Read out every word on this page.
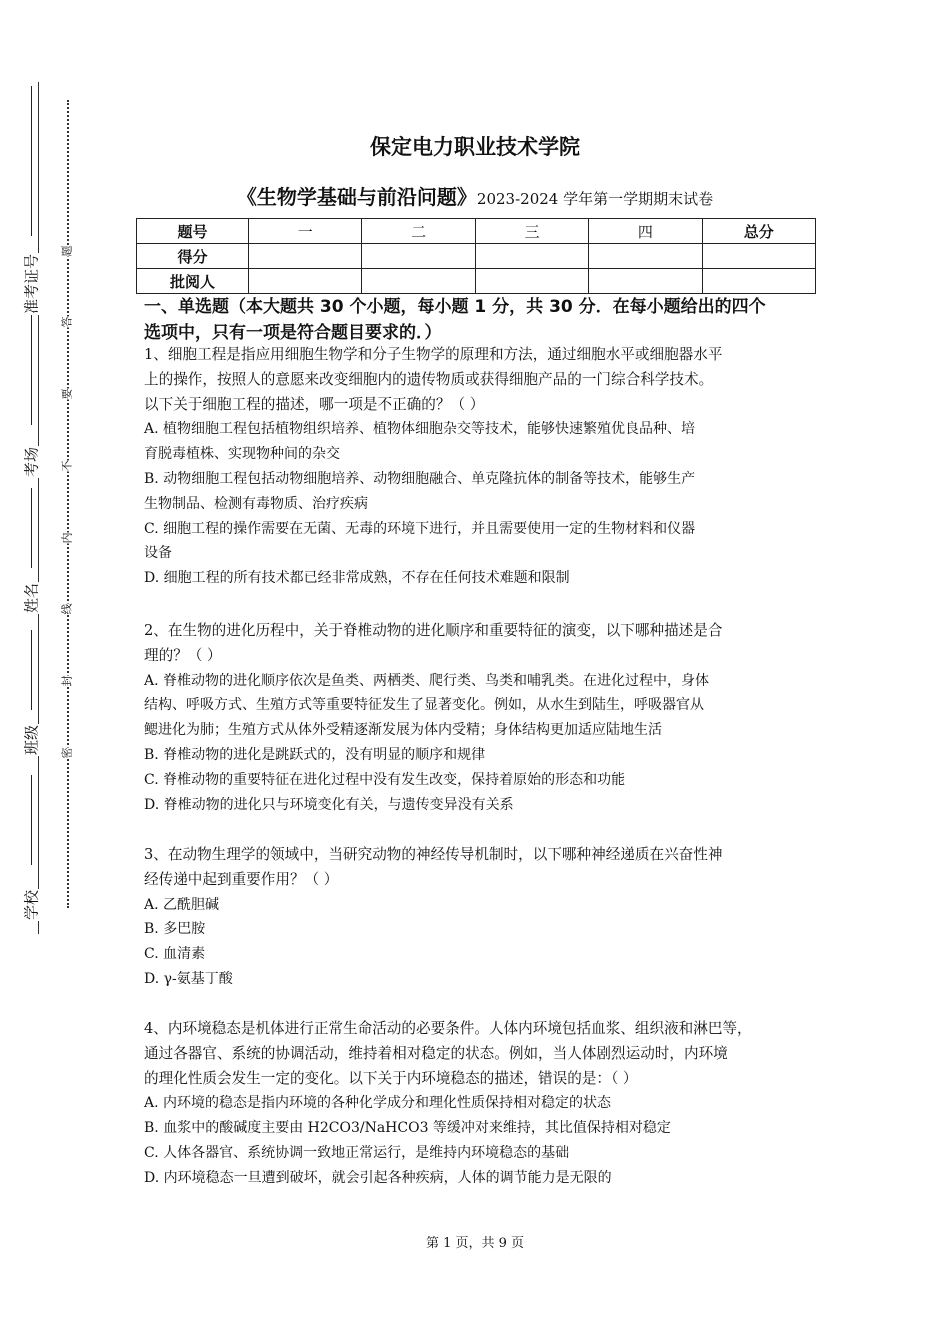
准考证号
考场
姓名
班级
学校
题
答
要
不
内
线
封
密
保定电力职业技术学院
《生物学基础与前沿问题》2023-2024 学年第一学期期末试卷
题号	一	二	三	四	总分
得分					
批阅人					
一、单选题（本大题共 30 个小题，每小题 1 分，共 30 分．在每小题给出的四个
选项中，只有一项是符合题目要求的．）

1、细胞工程是指应用细胞生物学和分子生物学的原理和方法，通过细胞水平或细胞器水平

上的操作，按照人的意愿来改变细胞内的遗传物质或获得细胞产品的一门综合科学技术。

以下关于细胞工程的描述，哪一项是不正确的？（ ）

A. 植物细胞工程包括植物组织培养、植物体细胞杂交等技术，能够快速繁殖优良品种、培

育脱毒植株、实现物种间的杂交

B. 动物细胞工程包括动物细胞培养、动物细胞融合、单克隆抗体的制备等技术，能够生产

生物制品、检测有毒物质、治疗疾病

C. 细胞工程的操作需要在无菌、无毒的环境下进行，并且需要使用一定的生物材料和仪器

设备

D. 细胞工程的所有技术都已经非常成熟，不存在任何技术难题和限制

2、在生物的进化历程中，关于脊椎动物的进化顺序和重要特征的演变，以下哪种描述是合

理的？（ ）

A. 脊椎动物的进化顺序依次是鱼类、两栖类、爬行类、鸟类和哺乳类。在进化过程中，身体

结构、呼吸方式、生殖方式等重要特征发生了显著变化。例如，从水生到陆生，呼吸器官从

鳃进化为肺；生殖方式从体外受精逐渐发展为体内受精；身体结构更加适应陆地生活

B. 脊椎动物的进化是跳跃式的，没有明显的顺序和规律

C. 脊椎动物的重要特征在进化过程中没有发生改变，保持着原始的形态和功能

D. 脊椎动物的进化只与环境变化有关，与遗传变异没有关系

3、在动物生理学的领域中，当研究动物的神经传导机制时，以下哪种神经递质在兴奋性神

经传递中起到重要作用？（ ）

A. 乙酰胆碱

B. 多巴胺

C. 血清素

D. γ-氨基丁酸

4、内环境稳态是机体进行正常生命活动的必要条件。人体内环境包括血浆、组织液和淋巴等，

通过各器官、系统的协调活动，维持着相对稳定的状态。例如，当人体剧烈运动时，内环境

的理化性质会发生一定的变化。以下关于内环境稳态的描述，错误的是：（ ）

A. 内环境的稳态是指内环境的各种化学成分和理化性质保持相对稳定的状态

B. 血浆中的酸碱度主要由 H2CO3/NaHCO3 等缓冲对来维持，其比值保持相对稳定

C. 人体各器官、系统协调一致地正常运行，是维持内环境稳态的基础

D. 内环境稳态一旦遭到破坏，就会引起各种疾病，人体的调节能力是无限的

第 1 页，共 9 页
